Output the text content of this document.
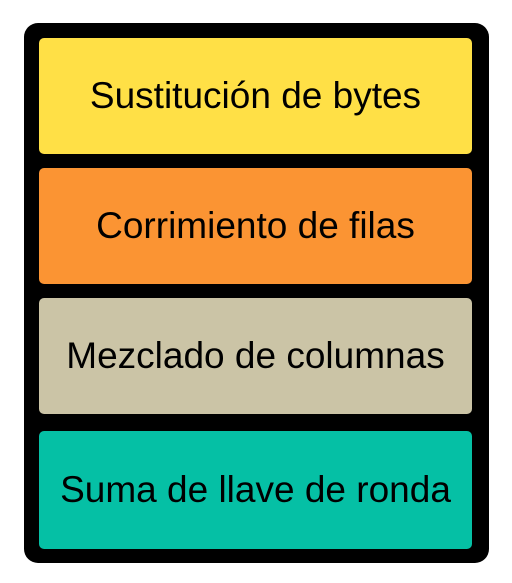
Sustitución de bytes
Corrimiento de filas
Mezclado de columnas
Suma de llave de ronda
